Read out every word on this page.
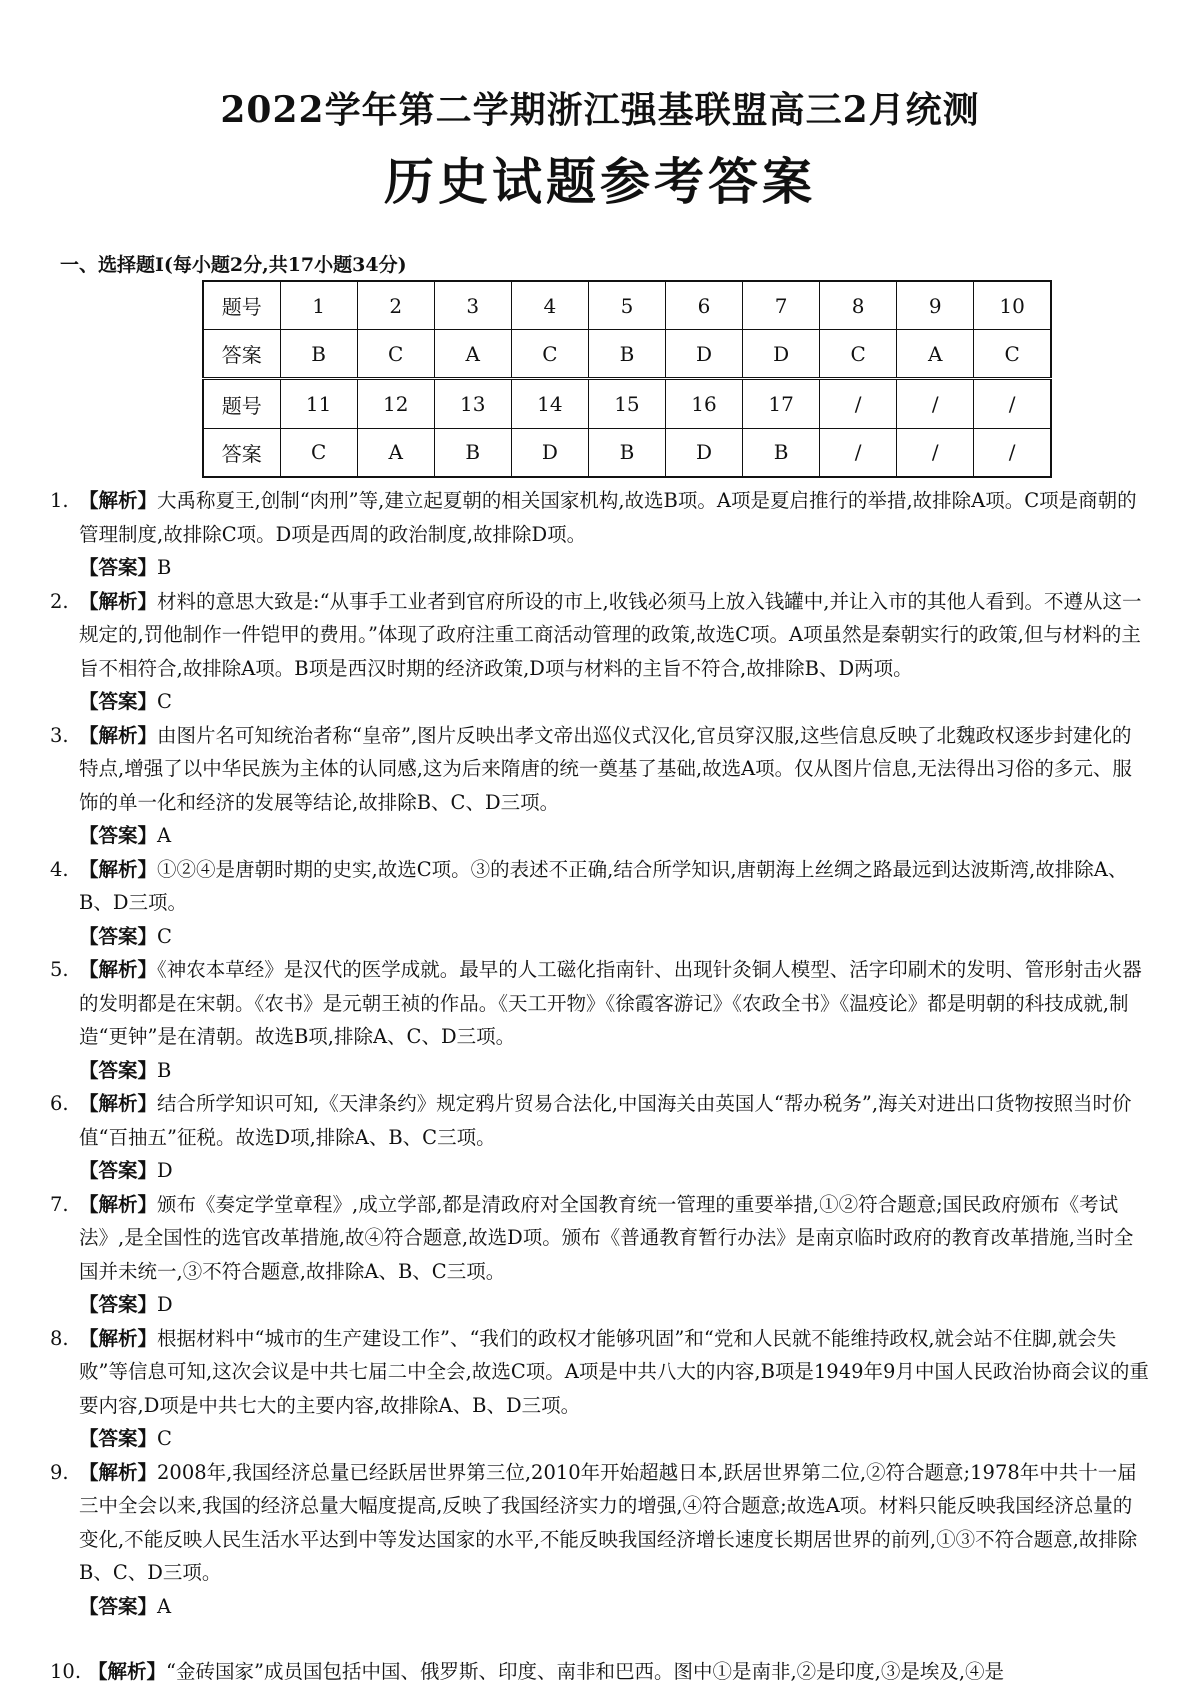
2022学年第二学期浙江强基联盟高三2月统测
历史试题参考答案
一、选择题Ⅰ(每小题2分,共17小题34分)
题号	1	2	3	4	5	6	7	8	9	10
答案	B	C	A	C	B	D	D	C	A	C
题号	11	12	13	14	15	16	17	/	/	/
答案	C	A	B	D	B	D	B	/	/	/
1. 【解析】大禹称夏王,创制“肉刑”等,建立起夏朝的相关国家机构,故选B项。A项是夏启推行的举措,故排除A项。C项是商朝的管理制度,故排除C项。D项是西周的政治制度,故排除D项。
【答案】B
2. 【解析】材料的意思大致是:“从事手工业者到官府所设的市上,收钱必须马上放入钱罐中,并让入市的其他人看到。不遵从这一规定的,罚他制作一件铠甲的费用。”体现了政府注重工商活动管理的政策,故选C项。A项虽然是秦朝实行的政策,但与材料的主旨不相符合,故排除A项。B项是西汉时期的经济政策,D项与材料的主旨不符合,故排除B、D两项。
【答案】C
3. 【解析】由图片名可知统治者称“皇帝”,图片反映出孝文帝出巡仪式汉化,官员穿汉服,这些信息反映了北魏政权逐步封建化的特点,增强了以中华民族为主体的认同感,这为后来隋唐的统一奠基了基础,故选A项。仅从图片信息,无法得出习俗的多元、服饰的单一化和经济的发展等结论,故排除B、C、D三项。
【答案】A
4. 【解析】①②④是唐朝时期的史实,故选C项。③的表述不正确,结合所学知识,唐朝海上丝绸之路最远到达波斯湾,故排除A、B、D三项。
【答案】C
5. 【解析】《神农本草经》是汉代的医学成就。最早的人工磁化指南针、出现针灸铜人模型、活字印刷术的发明、管形射击火器的发明都是在宋朝。《农书》是元朝王祯的作品。《天工开物》《徐霞客游记》《农政全书》《温疫论》都是明朝的科技成就,制造“更钟”是在清朝。故选B项,排除A、C、D三项。
【答案】B
6. 【解析】结合所学知识可知,《天津条约》规定鸦片贸易合法化,中国海关由英国人“帮办税务”,海关对进出口货物按照当时价值“百抽五”征税。故选D项,排除A、B、C三项。
【答案】D
7. 【解析】颁布《奏定学堂章程》,成立学部,都是清政府对全国教育统一管理的重要举措,①②符合题意;国民政府颁布《考试法》,是全国性的选官改革措施,故④符合题意,故选D项。颁布《普通教育暂行办法》是南京临时政府的教育改革措施,当时全国并未统一,③不符合题意,故排除A、B、C三项。
【答案】D
8. 【解析】根据材料中“城市的生产建设工作”、“我们的政权才能够巩固”和“党和人民就不能维持政权,就会站不住脚,就会失败”等信息可知,这次会议是中共七届二中全会,故选C项。A项是中共八大的内容,B项是1949年9月中国人民政治协商会议的重要内容,D项是中共七大的主要内容,故排除A、B、D三项。
【答案】C
9. 【解析】2008年,我国经济总量已经跃居世界第三位,2010年开始超越日本,跃居世界第二位,②符合题意;1978年中共十一届三中全会以来,我国的经济总量大幅度提高,反映了我国经济实力的增强,④符合题意;故选A项。材料只能反映我国经济总量的变化,不能反映人民生活水平达到中等发达国家的水平,不能反映我国经济增长速度长期居世界的前列,①③不符合题意,故排除B、C、D三项。
【答案】A
10. 【解析】“金砖国家”成员国包括中国、俄罗斯、印度、南非和巴西。图中①是南非,②是印度,③是埃及,④是
